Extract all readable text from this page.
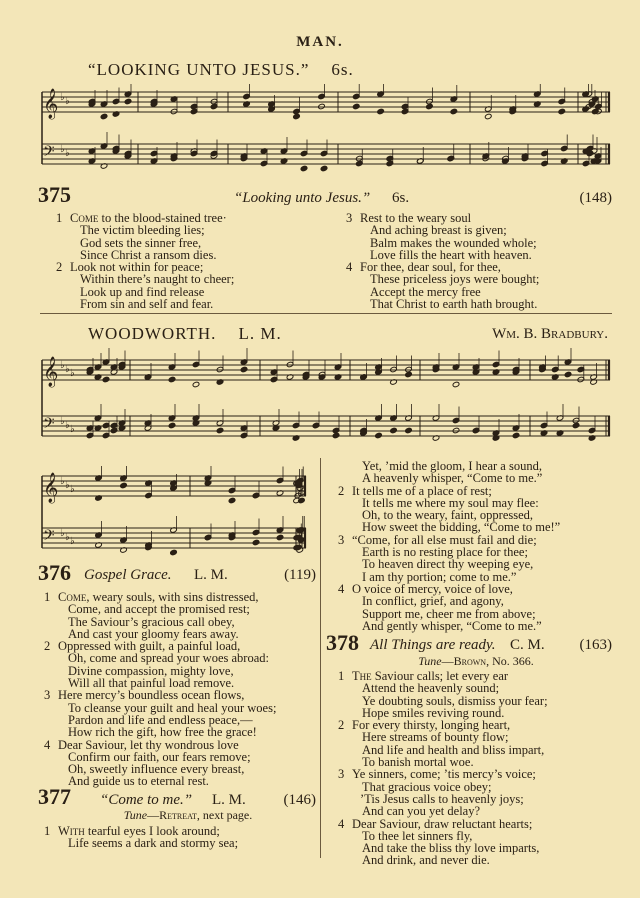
MAN.
“LOOKING UNTO JESUS.” 6s.
𝄞 ♭ ♭
𝄢 ♭ ♭
375	“Looking unto Jesus.” 6s.	(148)
1Come to the blood-stained tree·
The victim bleeding lies;
God sets the sinner free,
Since Christ a ransom dies.
2Look not within for peace;
Within there’s naught to cheer;
Look up and find release
From sin and self and fear.
3Rest to the weary soul
And aching breast is given;
Balm makes the wounded whole;
Love fills the heart with heaven.
4For thee, dear soul, for thee,
These priceless joys were bought;
Accept the mercy free
That Christ to earth hath brought.
WOODWORTH. L. M.	Wm. B. Bradbury.
𝄞 ♭ ♭ ♭
𝄢 ♭ ♭ ♭
𝄞 ♭ ♭ ♭
𝄢 ♭ ♭ ♭
376 Gospel Grace. L. M.	(119)
1Come, weary souls, with sins distressed,
Come, and accept the promised rest;
The Saviour’s gracious call obey,
And cast your gloomy fears away.
2Oppressed with guilt, a painful load,
Oh, come and spread your woes abroad:
Divine compassion, mighty love,
Will all that painful load remove.
3Here mercy’s boundless ocean flows,
To cleanse your guilt and heal your woes;
Pardon and life and endless peace,—
How rich the gift, how free the grace!
4Dear Saviour, let thy wondrous love
Confirm our faith, our fears remove;
Oh, sweetly influence every breast,
And guide us to eternal rest.
377 “Come to me.” L. M.	(146)
Tune—Retreat, next page.
1With tearful eyes I look around;
Life seems a dark and stormy sea;
Yet, ’mid the gloom, I hear a sound,
A heavenly whisper, “Come to me.”
2It tells me of a place of rest;
It tells me where my soul may flee:
Oh, to the weary, faint, oppressed,
How sweet the bidding, “Come to me!”
3“Come, for all else must fail and die;
Earth is no resting place for thee;
To heaven direct thy weeping eye,
I am thy portion; come to me.”
4O voice of mercy, voice of love,
In conflict, grief, and agony,
Support me, cheer me from above;
And gently whisper, “Come to me.”
378 All Things are ready. C. M. (163)
Tune—Brown, No. 366.
1The Saviour calls; let every ear
Attend the heavenly sound;
Ye doubting souls, dismiss your fear;
Hope smiles reviving round.
2For every thirsty, longing heart,
Here streams of bounty flow;
And life and health and bliss impart,
To banish mortal woe.
3Ye sinners, come; ’tis mercy’s voice;
That gracious voice obey;
’Tis Jesus calls to heavenly joys;
And can you yet delay?
4Dear Saviour, draw reluctant hearts;
To thee let sinners fly,
And take the bliss thy love imparts,
And drink, and never die.
